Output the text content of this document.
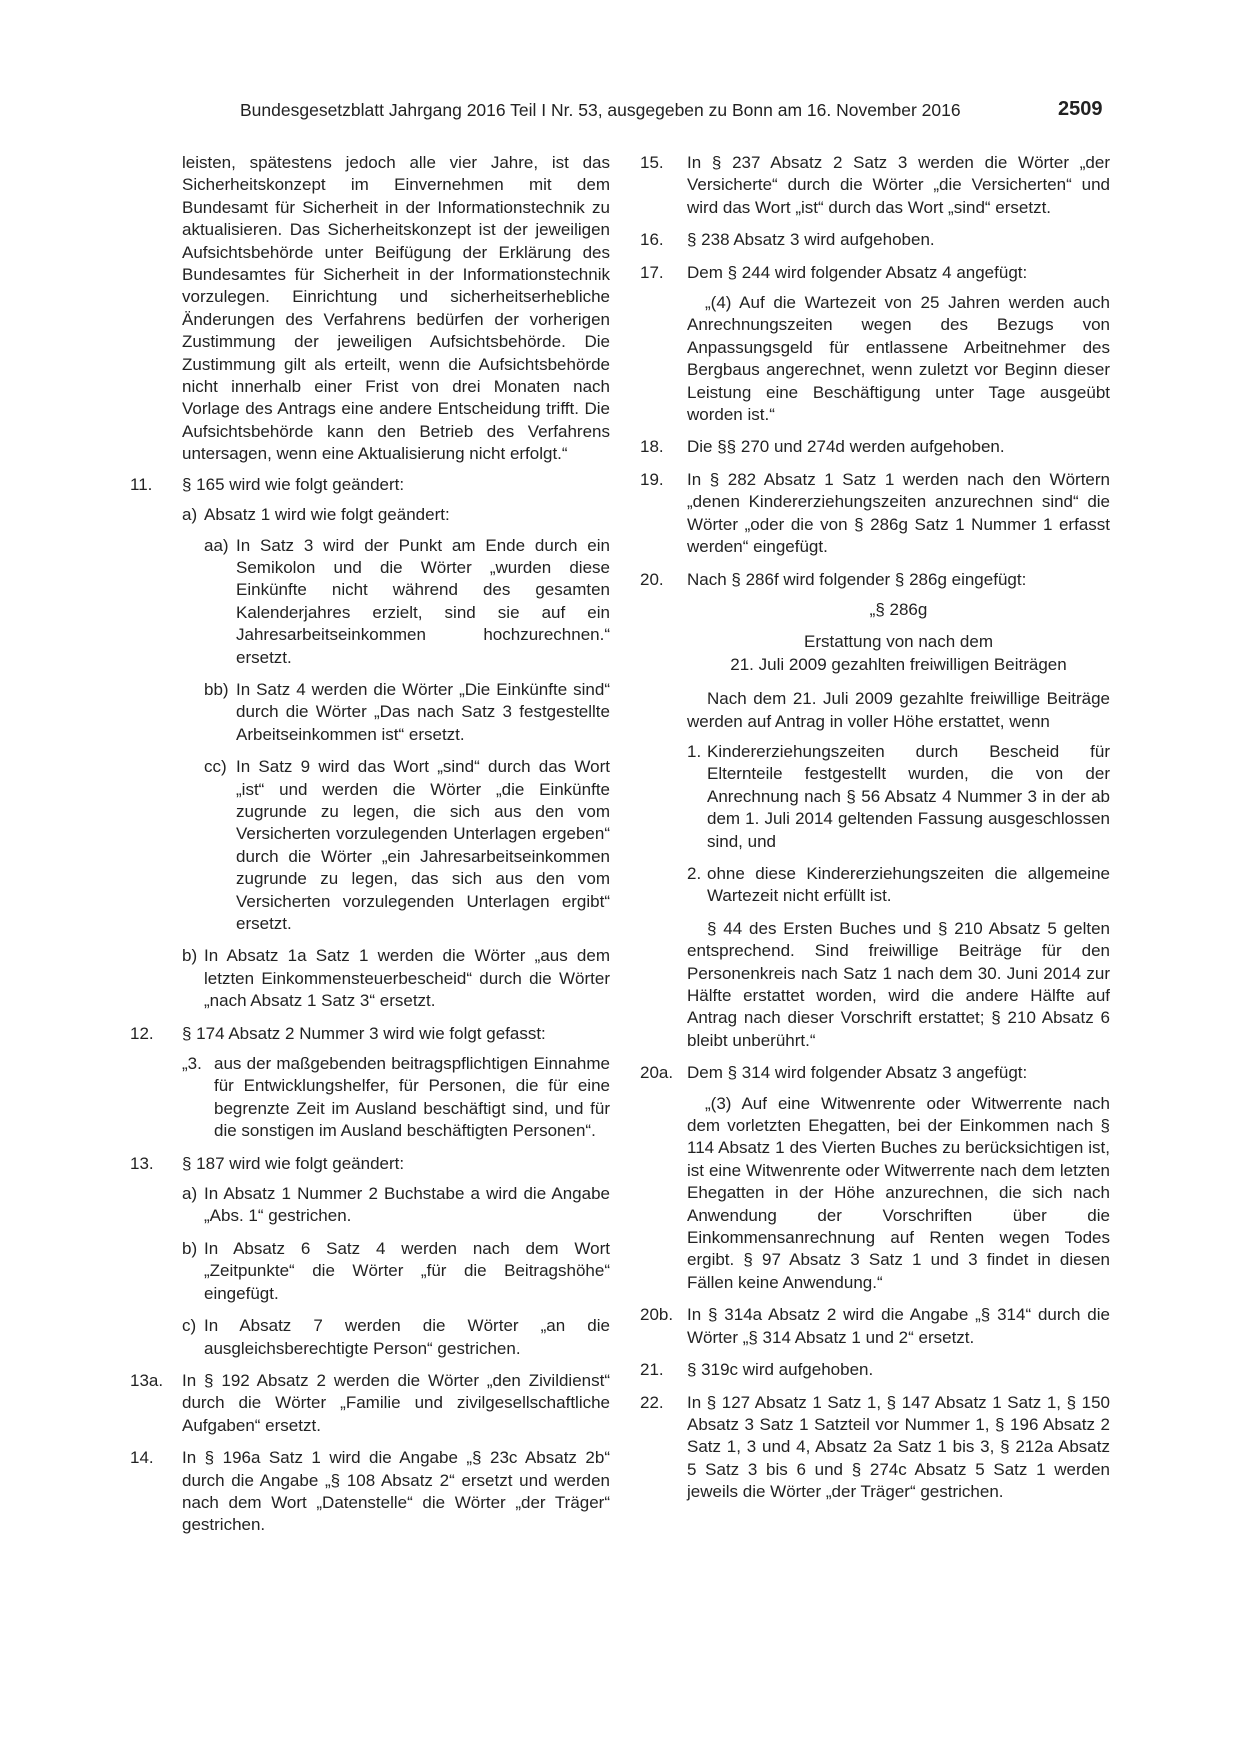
Bundesgesetzblatt Jahrgang 2016 Teil I Nr. 53, ausgegeben zu Bonn am 16. November 2016	2509

leisten, spätestens jedoch alle vier Jahre, ist das Sicherheitskonzept im Einvernehmen mit dem Bundesamt für Sicherheit in der Informationstechnik zu aktualisieren. Das Sicherheitskonzept ist der jeweiligen Aufsichtsbehörde unter Beifügung der Erklärung des Bundesamtes für Sicherheit in der Informationstechnik vorzulegen. Einrichtung und sicherheitserhebliche Änderungen des Verfahrens bedürfen der vorherigen Zustimmung der jeweiligen Aufsichtsbehörde. Die Zustimmung gilt als erteilt, wenn die Aufsichtsbehörde nicht innerhalb einer Frist von drei Monaten nach Vorlage des Antrags eine andere Entscheidung trifft. Die Aufsichtsbehörde kann den Betrieb des Verfahrens untersagen, wenn eine Aktualisierung nicht erfolgt.“

11. § 165 wird wie folgt geändert:

a) Absatz 1 wird wie folgt geändert:

aa) In Satz 3 wird der Punkt am Ende durch ein Semikolon und die Wörter „wurden diese Einkünfte nicht während des gesamten Kalenderjahres erzielt, sind sie auf ein Jahresarbeitseinkommen hochzurechnen.“ ersetzt.

bb) In Satz 4 werden die Wörter „Die Einkünfte sind“ durch die Wörter „Das nach Satz 3 festgestellte Arbeitseinkommen ist“ ersetzt.

cc) In Satz 9 wird das Wort „sind“ durch das Wort „ist“ und werden die Wörter „die Einkünfte zugrunde zu legen, die sich aus den vom Versicherten vorzulegenden Unterlagen ergeben“ durch die Wörter „ein Jahresarbeitseinkommen zugrunde zu legen, das sich aus den vom Versicherten vorzulegenden Unterlagen ergibt“ ersetzt.

b) In Absatz 1a Satz 1 werden die Wörter „aus dem letzten Einkommensteuerbescheid“ durch die Wörter „nach Absatz 1 Satz 3“ ersetzt.

12. § 174 Absatz 2 Nummer 3 wird wie folgt gefasst:

„3. aus der maßgebenden beitragspflichtigen Einnahme für Entwicklungshelfer, für Personen, die für eine begrenzte Zeit im Ausland beschäftigt sind, und für die sonstigen im Ausland beschäftigten Personen“.

13. § 187 wird wie folgt geändert:

a) In Absatz 1 Nummer 2 Buchstabe a wird die Angabe „Abs. 1“ gestrichen.

b) In Absatz 6 Satz 4 werden nach dem Wort „Zeitpunkte“ die Wörter „für die Beitragshöhe“ eingefügt.

c) In Absatz 7 werden die Wörter „an die ausgleichsberechtigte Person“ gestrichen.

13a. In § 192 Absatz 2 werden die Wörter „den Zivildienst“ durch die Wörter „Familie und zivilgesellschaftliche Aufgaben“ ersetzt.

14. In § 196a Satz 1 wird die Angabe „§ 23c Absatz 2b“ durch die Angabe „§ 108 Absatz 2“ ersetzt und werden nach dem Wort „Datenstelle“ die Wörter „der Träger“ gestrichen.

15. In § 237 Absatz 2 Satz 3 werden die Wörter „der Versicherte“ durch die Wörter „die Versicherten“ und wird das Wort „ist“ durch das Wort „sind“ ersetzt.

16. § 238 Absatz 3 wird aufgehoben.

17. Dem § 244 wird folgender Absatz 4 angefügt:

„(4) Auf die Wartezeit von 25 Jahren werden auch Anrechnungszeiten wegen des Bezugs von Anpassungsgeld für entlassene Arbeitnehmer des Bergbaus angerechnet, wenn zuletzt vor Beginn dieser Leistung eine Beschäftigung unter Tage ausgeübt worden ist.“

18. Die §§ 270 und 274d werden aufgehoben.

19. In § 282 Absatz 1 Satz 1 werden nach den Wörtern „denen Kindererziehungszeiten anzurechnen sind“ die Wörter „oder die von § 286g Satz 1 Nummer 1 erfasst werden“ eingefügt.

20. Nach § 286f wird folgender § 286g eingefügt:

„§ 286g

Erstattung von nach dem

21. Juli 2009 gezahlten freiwilligen Beiträgen

Nach dem 21. Juli 2009 gezahlte freiwillige Beiträge werden auf Antrag in voller Höhe erstattet, wenn

1. Kindererziehungszeiten durch Bescheid für Elternteile festgestellt wurden, die von der Anrechnung nach § 56 Absatz 4 Nummer 3 in der ab dem 1. Juli 2014 geltenden Fassung ausgeschlossen sind, und

2. ohne diese Kindererziehungszeiten die allgemeine Wartezeit nicht erfüllt ist.

§ 44 des Ersten Buches und § 210 Absatz 5 gelten entsprechend. Sind freiwillige Beiträge für den Personenkreis nach Satz 1 nach dem 30. Juni 2014 zur Hälfte erstattet worden, wird die andere Hälfte auf Antrag nach dieser Vorschrift erstattet; § 210 Absatz 6 bleibt unberührt.“

20a. Dem § 314 wird folgender Absatz 3 angefügt:

„(3) Auf eine Witwenrente oder Witwerrente nach dem vorletzten Ehegatten, bei der Einkommen nach § 114 Absatz 1 des Vierten Buches zu berücksichtigen ist, ist eine Witwenrente oder Witwerrente nach dem letzten Ehegatten in der Höhe anzurechnen, die sich nach Anwendung der Vorschriften über die Einkommensanrechnung auf Renten wegen Todes ergibt. § 97 Absatz 3 Satz 1 und 3 findet in diesen Fällen keine Anwendung.“

20b. In § 314a Absatz 2 wird die Angabe „§ 314“ durch die Wörter „§ 314 Absatz 1 und 2“ ersetzt.

21. § 319c wird aufgehoben.

22. In § 127 Absatz 1 Satz 1, § 147 Absatz 1 Satz 1, § 150 Absatz 3 Satz 1 Satzteil vor Nummer 1, § 196 Absatz 2 Satz 1, 3 und 4, Absatz 2a Satz 1 bis 3, § 212a Absatz 5 Satz 3 bis 6 und § 274c Absatz 5 Satz 1 werden jeweils die Wörter „der Träger“ gestrichen.
